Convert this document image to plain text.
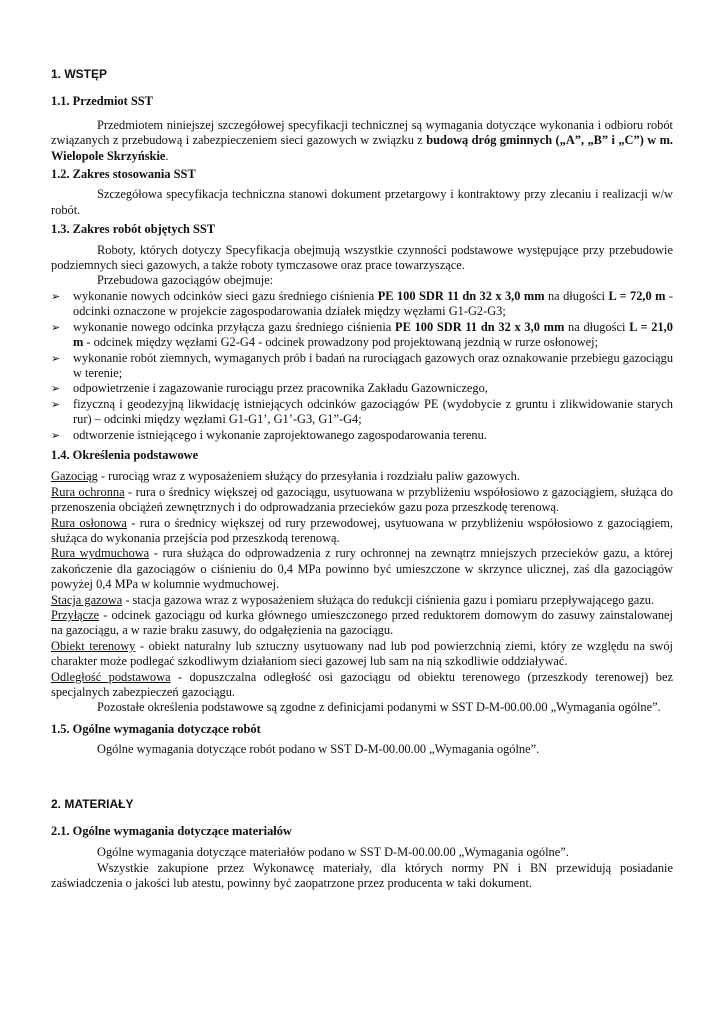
1. WSTĘP
1.1. Przedmiot SST

Przedmiotem niniejszej szczegółowej specyfikacji technicznej są wymagania dotyczące wykonania i odbioru robót związanych z przebudową i zabezpieczeniem sieci gazowych w związku z budową dróg gminnych („A”, „B” i „C”) w m. Wielopole Skrzyńskie.

1.2. Zakres stosowania SST

Szczegółowa specyfikacja techniczna stanowi dokument przetargowy i kontraktowy przy zlecaniu i realizacji w/w robót.

1.3. Zakres robót objętych SST

Roboty, których dotyczy Specyfikacja obejmują wszystkie czynności podstawowe występujące przy przebudowie podziemnych sieci gazowych, a także roboty tymczasowe oraz prace towarzyszące.

Przebudowa gazociągów obejmuje:

➢ wykonanie nowych odcinków sieci gazu średniego ciśnienia PE 100 SDR 11 dn 32 x 3,0 mm na długości L = 72,0 m - odcinki oznaczone w projekcie zagospodarowania działek między węzłami G1-G2-G3;
➢ wykonanie nowego odcinka przyłącza gazu średniego ciśnienia PE 100 SDR 11 dn 32 x 3,0 mm na długości L = 21,0 m - odcinek między węzłami G2-G4 - odcinek prowadzony pod projektowaną jezdnią w rurze osłonowej;
➢ wykonanie robót ziemnych, wymaganych prób i badań na rurociągach gazowych oraz oznakowanie przebiegu gazociągu w terenie;
➢ odpowietrzenie i zagazowanie rurociągu przez pracownika Zakładu Gazowniczego,
➢ fizyczną i geodezyjną likwidację istniejących odcinków gazociągów PE (wydobycie z gruntu i zlikwidowanie starych rur) – odcinki między węzłami G1-G1’, G1’-G3, G1”-G4;
➢ odtworzenie istniejącego i wykonanie zaprojektowanego zagospodarowania terenu.
1.4. Określenia podstawowe

Gazociąg - rurociąg wraz z wyposażeniem służący do przesyłania i rozdziału paliw gazowych.

Rura ochronna - rura o średnicy większej od gazociągu, usytuowana w przybliżeniu współosiowo z gazociągiem, służąca do przenoszenia obciążeń zewnętrznych i do odprowadzania przecieków gazu poza przeszkodę terenową.

Rura osłonowa - rura o średnicy większej od rury przewodowej, usytuowana w przybliżeniu współosiowo z gazociągiem, służąca do wykonania przejścia pod przeszkodą terenową.

Rura wydmuchowa - rura służąca do odprowadzenia z rury ochronnej na zewnątrz mniejszych przecieków gazu, a której zakończenie dla gazociągów o ciśnieniu do 0,4 MPa powinno być umieszczone w skrzynce ulicznej, zaś dla gazociągów powyżej 0,4 MPa w kolumnie wydmuchowej.

Stacja gazowa - stacja gazowa wraz z wyposażeniem służąca do redukcji ciśnienia gazu i pomiaru przepływającego gazu.

Przyłącze - odcinek gazociągu od kurka głównego umieszczonego przed reduktorem domowym do zasuwy zainstalowanej na gazociągu, a w razie braku zasuwy, do odgałęzienia na gazociągu.

Obiekt terenowy - obiekt naturalny lub sztuczny usytuowany nad lub pod powierzchnią ziemi, który ze względu na swój charakter może podlegać szkodliwym działaniom sieci gazowej lub sam na nią szkodliwie oddziaływać.

Odległość podstawowa - dopuszczalna odległość osi gazociągu od obiektu terenowego (przeszkody terenowej) bez specjalnych zabezpieczeń gazociągu.

Pozostałe określenia podstawowe są zgodne z definicjami podanymi w SST D-M-00.00.00 „Wymagania ogólne”.

1.5. Ogólne wymagania dotyczące robót

Ogólne wymagania dotyczące robót podano w SST D-M-00.00.00 „Wymagania ogólne”.

2. MATERIAŁY
2.1. Ogólne wymagania dotyczące materiałów

Ogólne wymagania dotyczące materiałów podano w SST D-M-00.00.00 „Wymagania ogólne”.

Wszystkie zakupione przez Wykonawcę materiały, dla których normy PN i BN przewidują posiadanie zaświadczenia o jakości lub atestu, powinny być zaopatrzone przez producenta w taki dokument.
